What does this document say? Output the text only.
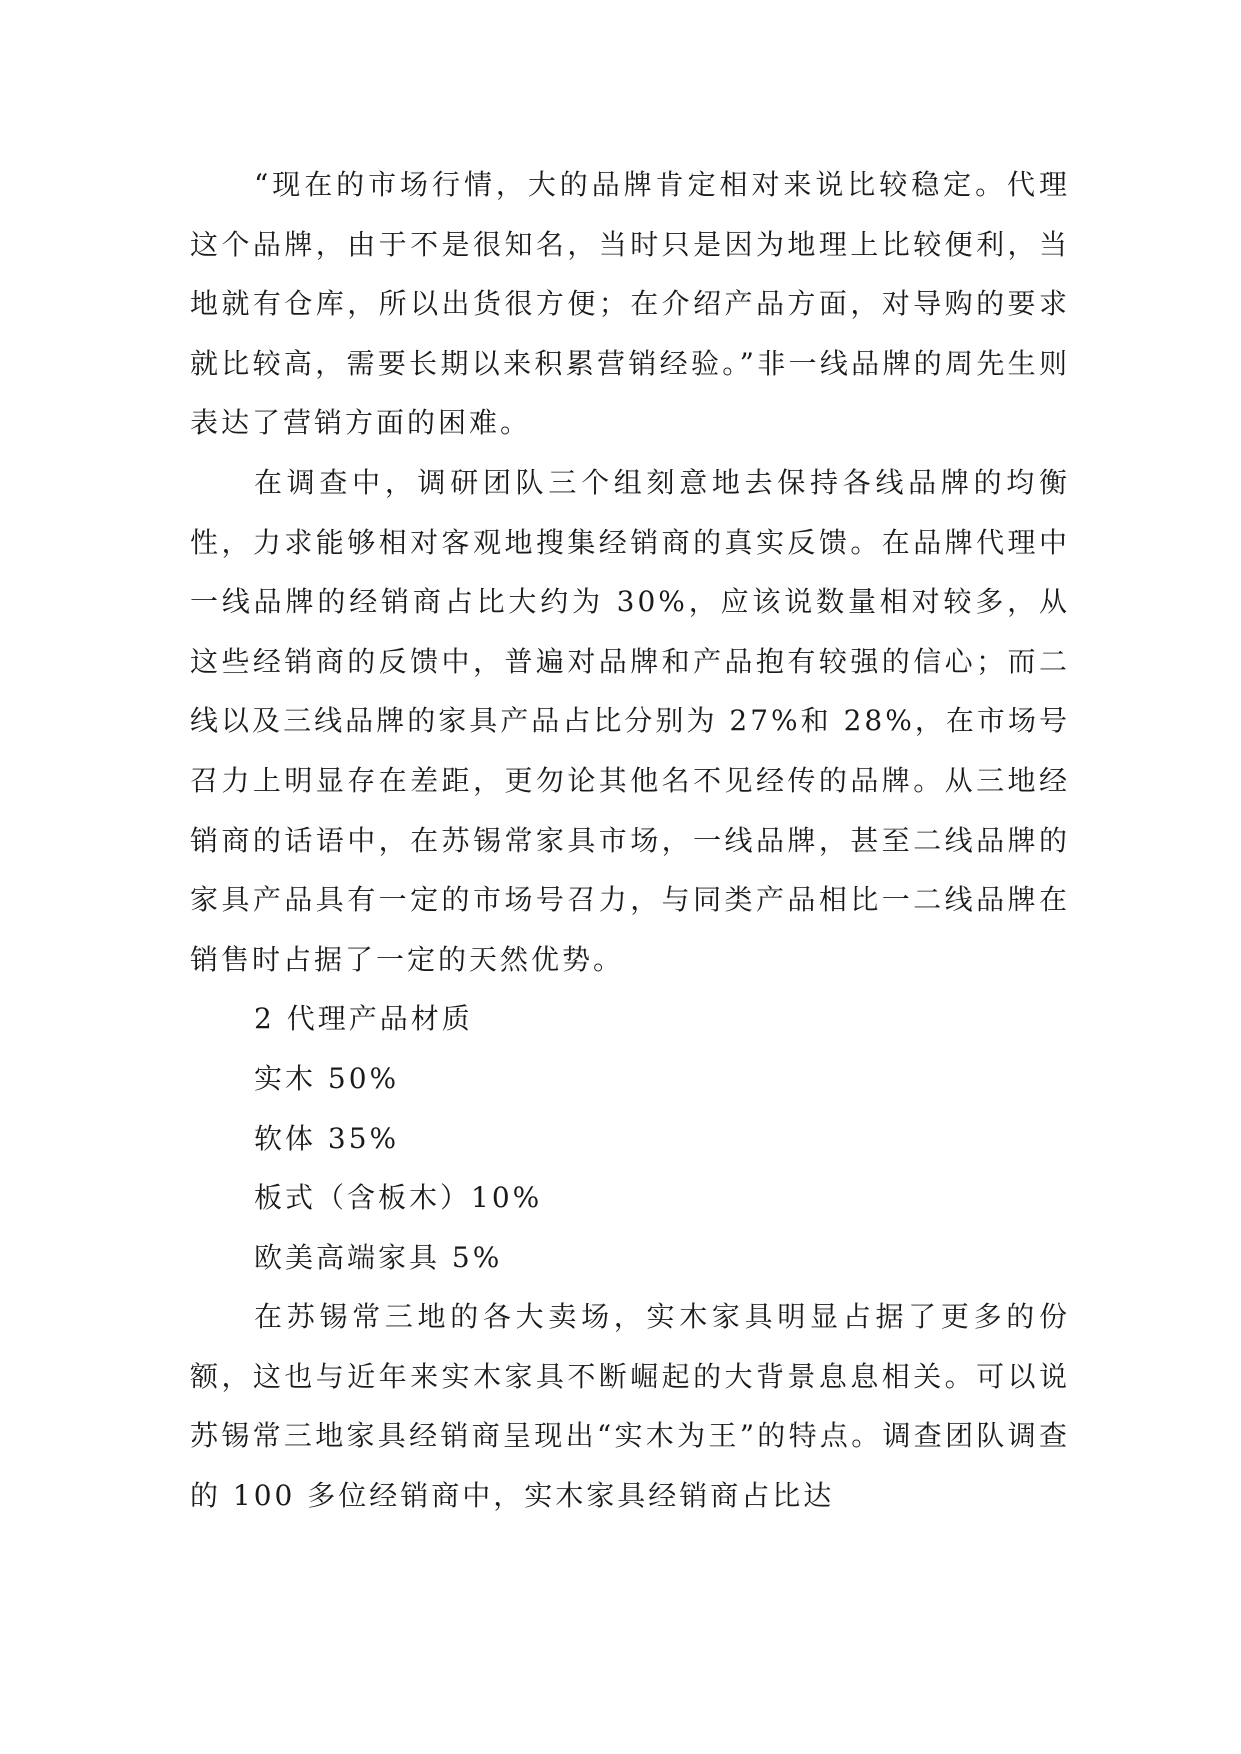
“现在的市场行情，大的品牌肯定相对来说比较稳定。代理这个品牌，由于不是很知名，当时只是因为地理上比较便利，当地就有仓库，所以出货很方便；在介绍产品方面，对导购的要求就比较高，需要长期以来积累营销经验。”非一线品牌的周先生则表达了营销方面的困难。

在调查中，调研团队三个组刻意地去保持各线品牌的均衡性，力求能够相对客观地搜集经销商的真实反馈。在品牌代理中一线品牌的经销商占比大约为 30%，应该说数量相对较多，从这些经销商的反馈中，普遍对品牌和产品抱有较强的信心；而二线以及三线品牌的家具产品占比分别为 27%和 28%，在市场号召力上明显存在差距，更勿论其他名不见经传的品牌。从三地经销商的话语中，在苏锡常家具市场，一线品牌，甚至二线品牌的家具产品具有一定的市场号召力，与同类产品相比一二线品牌在销售时占据了一定的天然优势。

2 代理产品材质

实木 50%

软体 35%

板式（含板木）10%

欧美高端家具 5%

在苏锡常三地的各大卖场，实木家具明显占据了更多的份额，这也与近年来实木家具不断崛起的大背景息息相关。可以说苏锡常三地家具经销商呈现出“实木为王”的特点。调查团队调查的 100 多位经销商中，实木家具经销商占比达
